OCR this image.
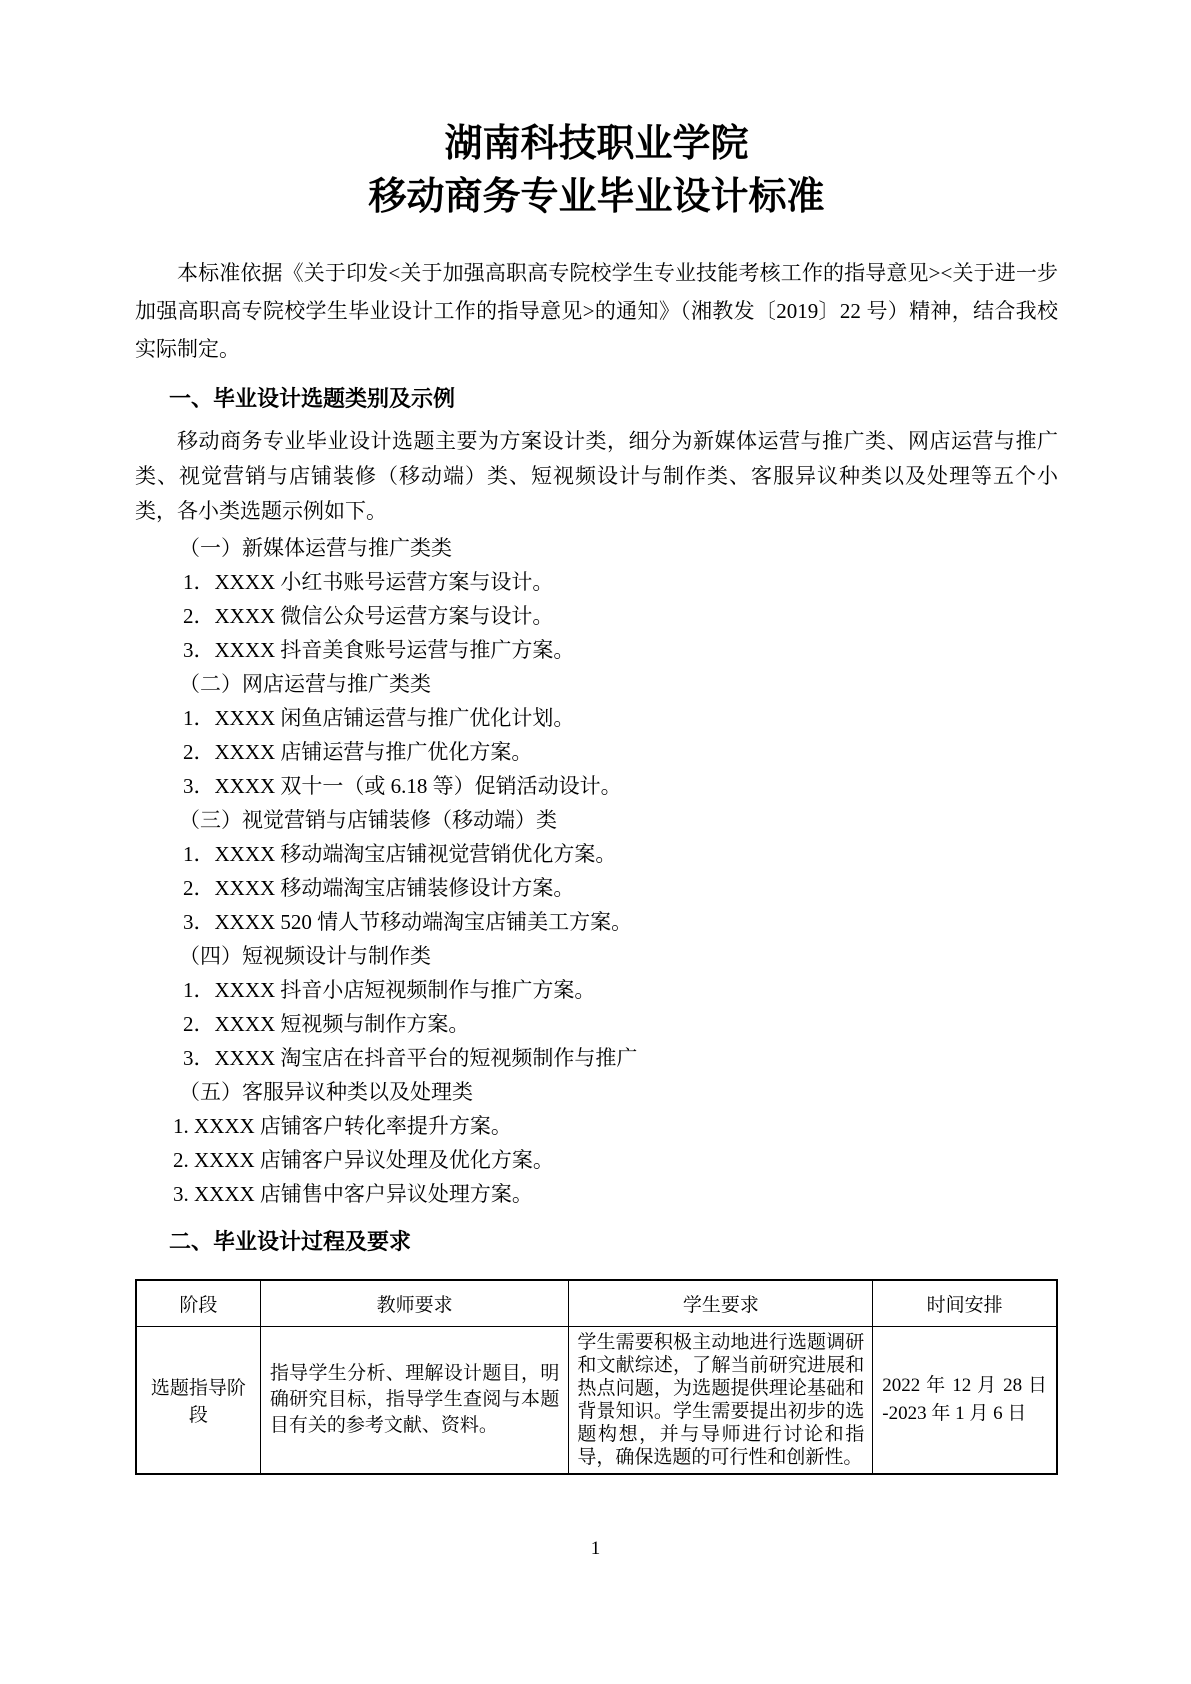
湖南科技职业学院
移动商务专业毕业设计标准

本标准依据《关于印发<关于加强高职高专院校学生专业技能考核工作的指导意见><关于进一步加强高职高专院校学生毕业设计工作的指导意见>的通知》（湘教发〔2019〕22 号）精神，结合我校实际制定。

一、毕业设计选题类别及示例

移动商务专业毕业设计选题主要为方案设计类，细分为新媒体运营与推广类、网店运营与推广类、视觉营销与店铺装修（移动端）类、短视频设计与制作类、客服异议种类以及处理等五个小类，各小类选题示例如下。

（一）新媒体运营与推广类类

1．XXXX 小红书账号运营方案与设计。

2．XXXX 微信公众号运营方案与设计。

3．XXXX 抖音美食账号运营与推广方案。

（二）网店运营与推广类类

1．XXXX 闲鱼店铺运营与推广优化计划。

2．XXXX 店铺运营与推广优化方案。

3．XXXX 双十一（或 6.18 等）促销活动设计。

（三）视觉营销与店铺装修（移动端）类

1．XXXX 移动端淘宝店铺视觉营销优化方案。

2．XXXX 移动端淘宝店铺装修设计方案。

3．XXXX 520 情人节移动端淘宝店铺美工方案。

（四）短视频设计与制作类

1．XXXX 抖音小店短视频制作与推广方案。

2．XXXX 短视频与制作方案。

3．XXXX 淘宝店在抖音平台的短视频制作与推广

（五）客服异议种类以及处理类

1. XXXX 店铺客户转化率提升方案。

2. XXXX 店铺客户异议处理及优化方案。

3. XXXX 店铺售中客户异议处理方案。

二、毕业设计过程及要求
阶段	教师要求	学生要求	时间安排
选题指导阶段	指导学生分析、理解设计题目，明确研究目标，指导学生查阅与本题目有关的参考文献、资料。	学生需要积极主动地进行选题调研和文献综述，了解当前研究进展和热点问题，为选题提供理论基础和背景知识。学生需要提出初步的选题构想，并与导师进行讨论和指导，确保选题的可行性和创新性。	2022 年 12 月 28 日 -2023 年 1 月 6 日
1
